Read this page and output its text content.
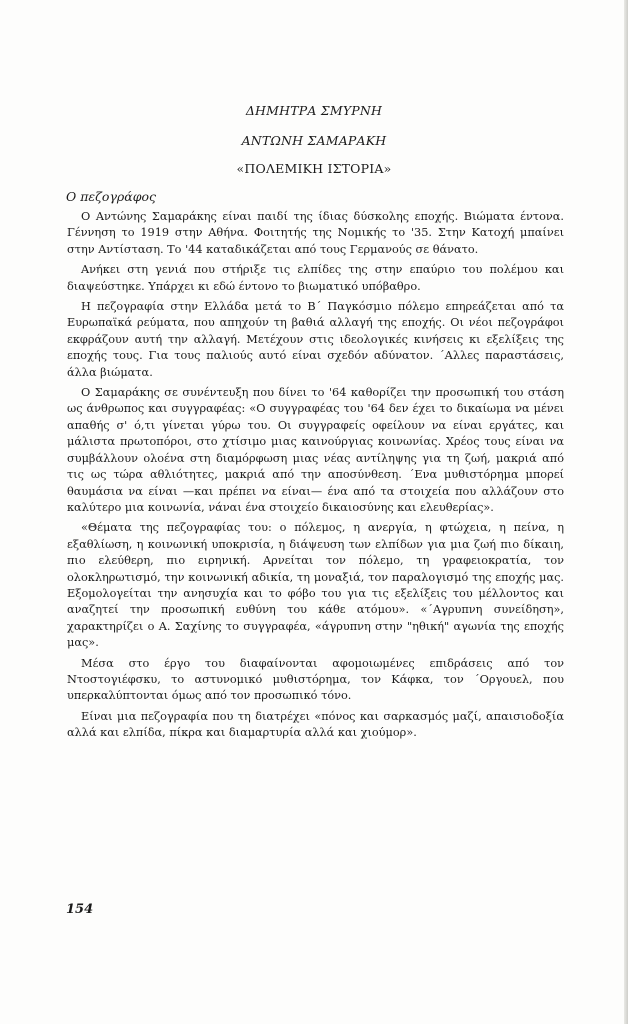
ΔΗΜΗΤΡΑ ΣΜΥΡΝΗ
ΑΝΤΩΝΗ ΣΑΜΑΡΑΚΗ
«ΠΟΛΕΜΙΚΗ ΙΣΤΟΡΙΑ»
Ο πεζογράφος

Ο Αντώνης Σαμαράκης είναι παιδί της ίδιας δύσκολης εποχής. Βιώματα έντονα. Γέννηση το 1919 στην Αθήνα. Φοιτητής της Νομικής το '35. Στην Κατοχή μπαίνει στην Αντίσταση. Το '44 καταδικάζεται από τους Γερμανούς σε θάνατο.

Ανήκει στη γενιά που στήριξε τις ελπίδες της στην επαύριο του πολέμου και διαψεύστηκε. Υπάρχει κι εδώ έντονο το βιωματικό υπόβαθρο.

Η πεζογραφία στην Ελλάδα μετά το Β΄ Παγκόσμιο πόλεμο επηρεάζεται από τα Ευρωπαϊκά ρεύματα, που απηχούν τη βαθιά αλλαγή της εποχής. Οι νέοι πεζογράφοι εκφράζουν αυτή την αλλαγή. Μετέχουν στις ιδεολογικές κινήσεις κι εξελίξεις της εποχής τους. Για τους παλιούς αυτό είναι σχεδόν αδύνατον. ΄Αλλες παραστάσεις, άλλα βιώματα.

Ο Σαμαράκης σε συνέντευξη που δίνει το '64 καθορίζει την προσωπική του στάση ως άνθρωπος και συγγραφέας: «Ο συγγραφέας του '64 δεν έχει το δικαίωμα να μένει απαθής σ' ό,τι γίνεται γύρω του. Οι συγγραφείς οφείλουν να είναι εργάτες, και μάλιστα πρωτοπόροι, στο χτίσιμο μιας καινούργιας κοινωνίας. Χρέος τους είναι να συμβάλλουν ολοένα στη διαμόρφωση μιας νέας αντίληψης για τη ζωή, μακριά από τις ως τώρα αθλιότητες, μακριά από την αποσύνθεση. ΄Ενα μυθιστόρημα μπορεί θαυμάσια να είναι —και πρέπει να είναι— ένα από τα στοιχεία που αλλάζουν στο καλύτερο μια κοινωνία, νάναι ένα στοιχείο δικαιοσύνης και ελευθερίας».

«Θέματα της πεζογραφίας του: ο πόλεμος, η ανεργία, η φτώχεια, η πείνα, η εξαθλίωση, η κοινωνική υποκρισία, η διάψευση των ελπίδων για μια ζωή πιο δίκαιη, πιο ελεύθερη, πιο ειρηνική. Αρνείται τον πόλεμο, τη γραφειοκρατία, τον ολοκληρωτισμό, την κοινωνική αδικία, τη μοναξιά, τον παραλογισμό της εποχής μας. Εξομολογείται την ανησυχία και το φόβο του για τις εξελίξεις του μέλλοντος και αναζητεί την προσωπική ευθύνη του κάθε ατόμου». «΄Αγρυπνη συνείδηση», χαρακτηρίζει ο Α. Σαχίνης το συγγραφέα, «άγρυπνη στην "ηθική" αγωνία της εποχής μας».

Μέσα στο έργο του διαφαίνονται αφομοιωμένες επιδράσεις από τον Ντοστογιέφσκυ, το αστυνομικό μυθιστόρημα, τον Κάφκα, τον ΄Οργουελ, που υπερκαλύπτονται όμως από τον προσωπικό τόνο.

Είναι μια πεζογραφία που τη διατρέχει «πόνος και σαρκασμός μαζί, απαισιοδοξία αλλά και ελπίδα, πίκρα και διαμαρτυρία αλλά και χιούμορ».

154
